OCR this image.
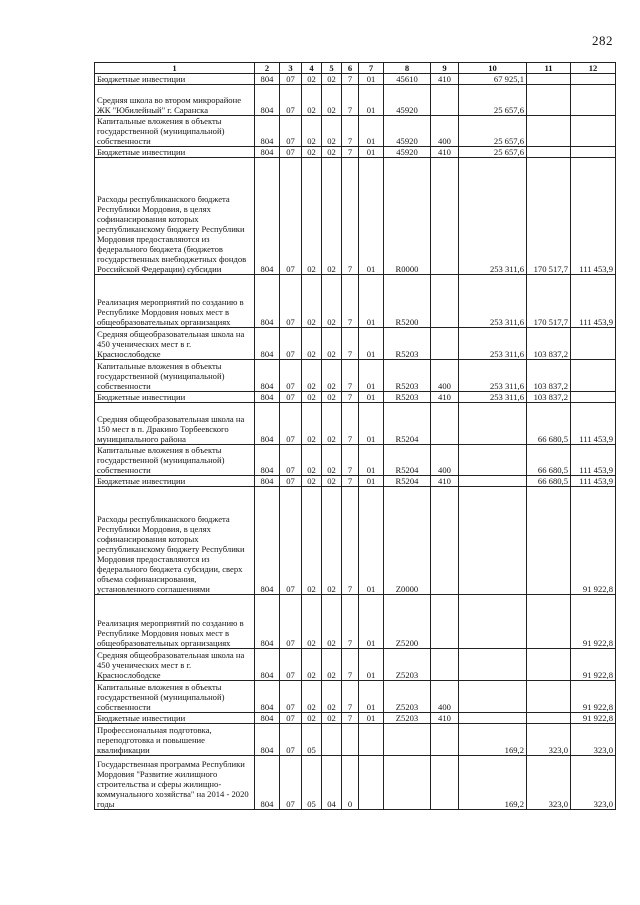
282
1	2	3	4	5	6	7	8	9	10	11	12
Бюджетные инвестиции	804	07	02	02	7	01	45610	410	67 925,1		
Средняя школа во втором микрорайоне ЖК "Юбилейный" г. Саранска	804	07	02	02	7	01	45920		25 657,6		
Капитальные вложения в объекты государственной (муниципальной) собственности	804	07	02	02	7	01	45920	400	25 657,6		
Бюджетные инвестиции	804	07	02	02	7	01	45920	410	25 657,6		
Расходы республиканского бюджета Республики Мордовия, в целях софинансирования которых республиканскому бюджету Республики Мордовия предоставляются из федерального бюджета (бюджетов государственных внебюджетных фондов Российской Федерации) субсидии	804	07	02	02	7	01	R0000		253 311,6	170 517,7	111 453,9
Реализация мероприятий по созданию в Республике Мордовия новых мест в общеобразовательных организациях	804	07	02	02	7	01	R5200		253 311,6	170 517,7	111 453,9
Средняя общеобразовательная школа на 450 ученических мест в г. Краснослободске	804	07	02	02	7	01	R5203		253 311,6	103 837,2	
Капитальные вложения в объекты государственной (муниципальной) собственности	804	07	02	02	7	01	R5203	400	253 311,6	103 837,2	
Бюджетные инвестиции	804	07	02	02	7	01	R5203	410	253 311,6	103 837,2	
Средняя общеобразовательная школа на 150 мест в п. Дракино Торбеевского муниципального района	804	07	02	02	7	01	R5204			66 680,5	111 453,9
Капитальные вложения в объекты государственной (муниципальной) собственности	804	07	02	02	7	01	R5204	400		66 680,5	111 453,9
Бюджетные инвестиции	804	07	02	02	7	01	R5204	410		66 680,5	111 453,9
Расходы республиканского бюджета Республики Мордовия, в целях софинансирования которых республиканскому бюджету Республики Мордовия предоставляются из федерального бюджета субсидии, сверх объема софинансирования, установленного соглашениями	804	07	02	02	7	01	Z0000				91 922,8
Реализация мероприятий по созданию в Республике Мордовия новых мест в общеобразовательных организациях	804	07	02	02	7	01	Z5200				91 922,8
Средняя общеобразовательная школа на 450 ученических мест в г. Краснослободске	804	07	02	02	7	01	Z5203				91 922,8
Капитальные вложения в объекты государственной (муниципальной) собственности	804	07	02	02	7	01	Z5203	400			91 922,8
Бюджетные инвестиции	804	07	02	02	7	01	Z5203	410			91 922,8
Профессиональная подготовка, переподготовка и повышение квалификации	804	07	05						169,2	323,0	323,0
Государственная программа Республики Мордовия "Развитие жилищного строительства и сферы жилищно-коммунального хозяйства" на 2014 - 2020 годы	804	07	05	04	0				169,2	323,0	323,0
